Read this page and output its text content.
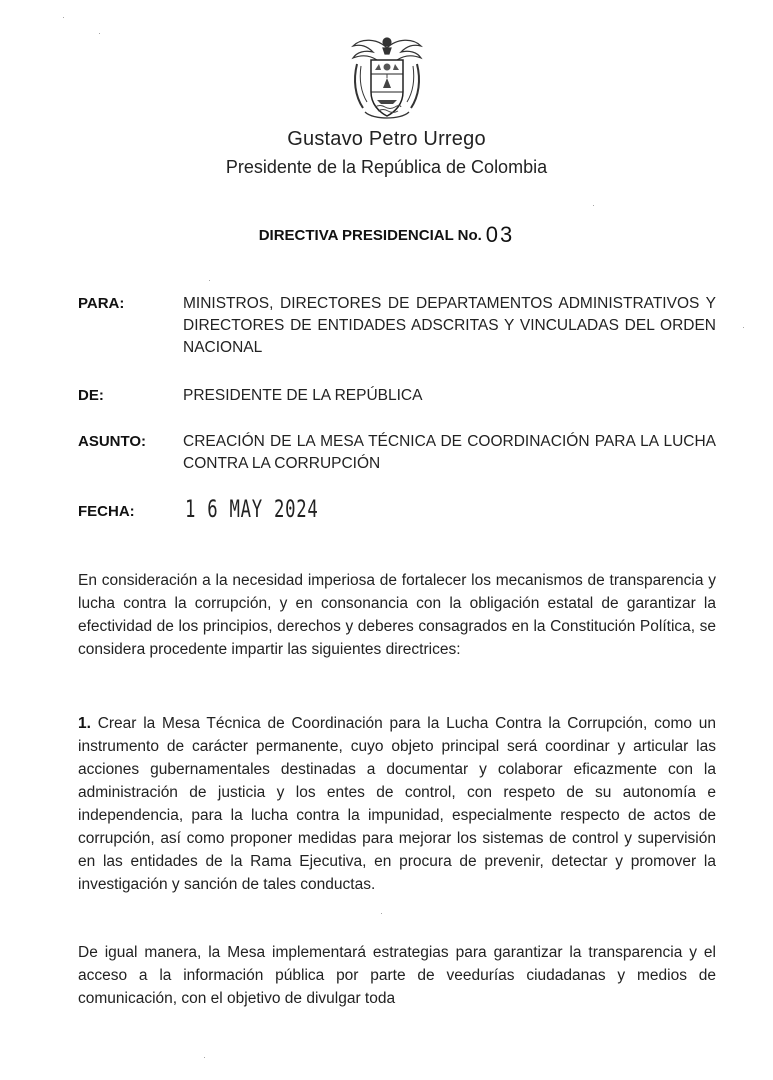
Gustavo Petro Urrego
Presidente de la República de Colombia
DIRECTIVA PRESIDENCIAL No. 03
PARA:	MINISTROS, DIRECTORES DE DEPARTAMENTOS ADMINISTRATIVOS Y DIRECTORES DE ENTIDADES ADSCRITAS Y VINCULADAS DEL ORDEN NACIONAL
DE:	PRESIDENTE DE LA REPÚBLICA
ASUNTO: CREACIÓN DE LA MESA TÉCNICA DE COORDINACIÓN PARA LA LUCHA CONTRA LA CORRUPCIÓN
FECHA: 1 6 MAY 2024

En consideración a la necesidad imperiosa de fortalecer los mecanismos de transparencia y lucha contra la corrupción, y en consonancia con la obligación estatal de garantizar la efectividad de los principios, derechos y deberes consagrados en la Constitución Política, se considera procedente impartir las siguientes directrices:

1. Crear la Mesa Técnica de Coordinación para la Lucha Contra la Corrupción, como un instrumento de carácter permanente, cuyo objeto principal será coordinar y articular las acciones gubernamentales destinadas a documentar y colaborar eficazmente con la administración de justicia y los entes de control, con respeto de su autonomía e independencia, para la lucha contra la impunidad, especialmente respecto de actos de corrupción, así como proponer medidas para mejorar los sistemas de control y supervisión en las entidades de la Rama Ejecutiva, en procura de prevenir, detectar y promover la investigación y sanción de tales conductas.

De igual manera, la Mesa implementará estrategias para garantizar la transparencia y el acceso a la información pública por parte de veedurías ciudadanas y medios de comunicación, con el objetivo de divulgar toda

·
·
·
·
·
·
·
